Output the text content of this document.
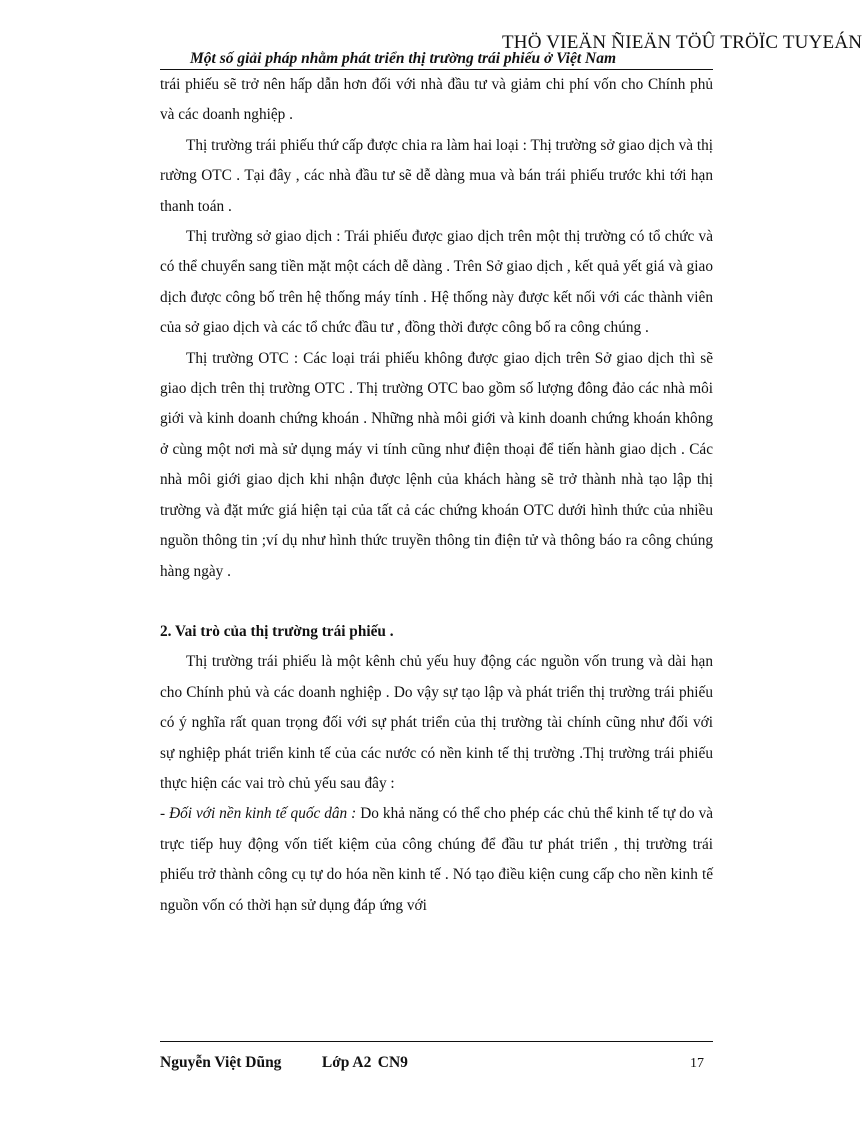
THÖ VIEÄN ÑIEÄN TÖÛ TRÖÏC TUYEÁN
Một số giải pháp nhằm phát triển thị trường trái phiếu ở Việt Nam

trái phiếu sẽ trở nên hấp dẫn hơn đối với nhà đầu tư và giảm chi phí vốn cho Chính phủ và các doanh nghiệp .

Thị trường trái phiếu thứ cấp được chia ra làm hai loại : Thị trường sở giao dịch và thị rường OTC . Tại đây , các nhà đầu tư sẽ dễ dàng mua và bán trái phiếu trước khi tới hạn thanh toán .

Thị trường sở giao dịch : Trái phiếu được giao dịch trên một thị trường có tổ chức và có thể chuyển sang tiền mặt một cách dễ dàng . Trên Sở giao dịch , kết quả yết giá và giao dịch được công bố trên hệ thống máy tính . Hệ thống này được kết nối với các thành viên của sở giao dịch và các tổ chức đầu tư , đồng thời được công bố ra công chúng .

Thị trường OTC : Các loại trái phiếu không được giao dịch trên Sở giao dịch thì sẽ giao dịch trên thị trường OTC . Thị trường OTC bao gồm số lượng đông đảo các nhà môi giới và kinh doanh chứng khoán . Những nhà môi giới và kinh doanh chứng khoán không ở cùng một nơi mà sử dụng máy vi tính cũng như điện thoại để tiến hành giao dịch . Các nhà môi giới giao dịch khi nhận được lệnh của khách hàng sẽ trở thành nhà tạo lập thị trường và đặt mức giá hiện tại của tất cả các chứng khoán OTC dưới hình thức của nhiều nguồn thông tin ;ví dụ như hình thức truyền thông tin điện tử và thông báo ra công chúng hàng ngày .

2. Vai trò của thị trường trái phiếu .

Thị trường trái phiếu là một kênh chủ yếu huy động các nguồn vốn trung và dài hạn cho Chính phủ và các doanh nghiệp . Do vậy sự tạo lập và phát triển thị trường trái phiếu có ý nghĩa rất quan trọng đối với sự phát triển của thị trường tài chính cũng như đối với sự nghiệp phát triển kinh tế của các nước có nền kinh tế thị trường .Thị trường trái phiếu thực hiện các vai trò chủ yếu sau đây :

- Đối với nền kinh tế quốc dân : Do khả năng có thể cho phép các chủ thể kinh tế tự do và trực tiếp huy động vốn tiết kiệm của công chúng để đầu tư phát triển , thị trường trái phiếu trở thành công cụ tự do hóa nền kinh tế . Nó tạo điều kiện cung cấp cho nền kinh tế nguồn vốn có thời hạn sử dụng đáp ứng với

Nguyễn Việt Dũng	Lớp A2 CN9	17
